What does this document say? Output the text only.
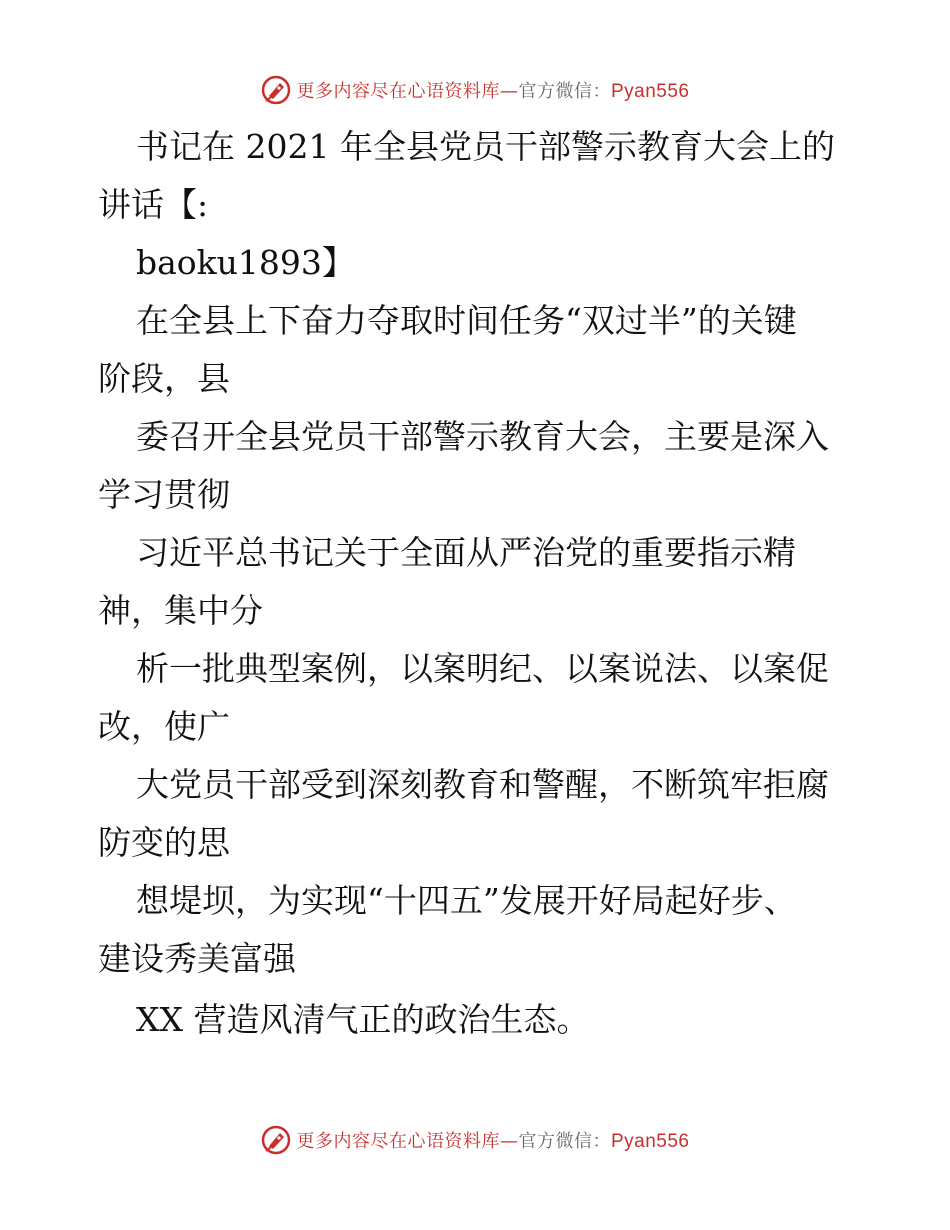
更多内容尽在心语资料库—官方微信：Pyan556
书记在 2021 年全县党员干部警示教育大会上的
讲话【:
baoku1893】
在全县上下奋力夺取时间任务“双过半”的关键
阶段，县
委召开全县党员干部警示教育大会，主要是深入
学习贯彻
习近平总书记关于全面从严治党的重要指示精
神，集中分
析一批典型案例，以案明纪、以案说法、以案促
改，使广
大党员干部受到深刻教育和警醒，不断筑牢拒腐
防变的思
想堤坝，为实现“十四五”发展开好局起好步、
建设秀美富强
XX 营造风清气正的政治生态。
更多内容尽在心语资料库—官方微信：Pyan556
